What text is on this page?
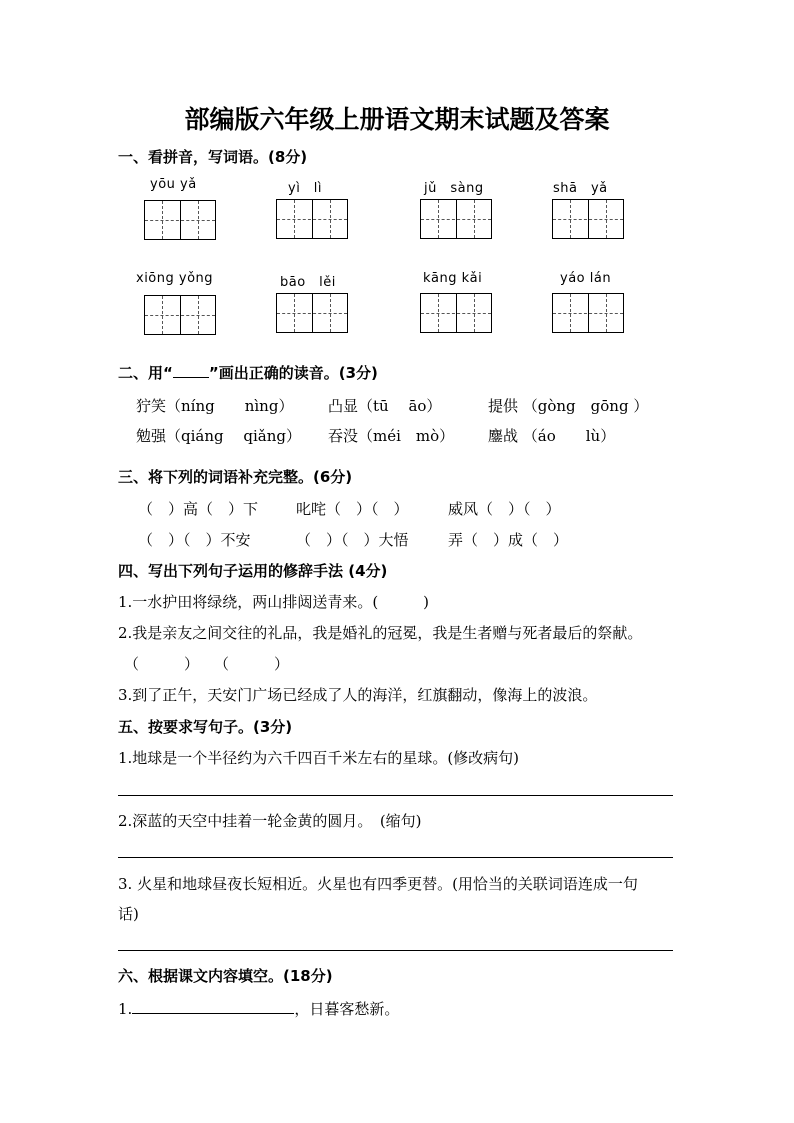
部编版六年级上册语文期末试题及答案
一、看拼音，写词语。(8分)
yōu yǎ	yì　lì	jǔ　sàng	shā　yǎ
xiōng yǒng	bāo　lěi	kāng kǎi	yáo lán
二、用“ ”画出正确的读音。(3分)
狞笑（níng　　nìng） 凸显（tū　 āo）	提供 （gòng　gōng ）
勉强（qiáng　 qiǎng） 吞没（méi　mò） 鏖战 （áo　　lù）
三、将下列的词语补充完整。(6分)
（　）高（　）下	叱咤（　）（　）	威风（　）（　）
（　）（　）不安	（　）（　）大悟	弄（　）成（　）
四、写出下列句子运用的修辞手法 (4分)
1.一水护田将绿绕，两山排闼送青来。(　　　)
2.我是亲友之间交往的礼品，我是婚礼的冠冕，我是生者赠与死者最后的祭献。
（　　　）　　（　　　）
3.到了正午，天安门广场已经成了人的海洋，红旗翻动，像海上的波浪。
五、按要求写句子。(3分)
1.地球是一个半径约为六千四百千米左右的星球。(修改病句)
2.深蓝的天空中挂着一轮金黄的圆月。　(缩句)
3. 火星和地球昼夜长短相近。火星也有四季更替。(用恰当的关联词语连成一句
话)
六、根据课文内容填空。(18分)
1.	，日暮客愁新。
